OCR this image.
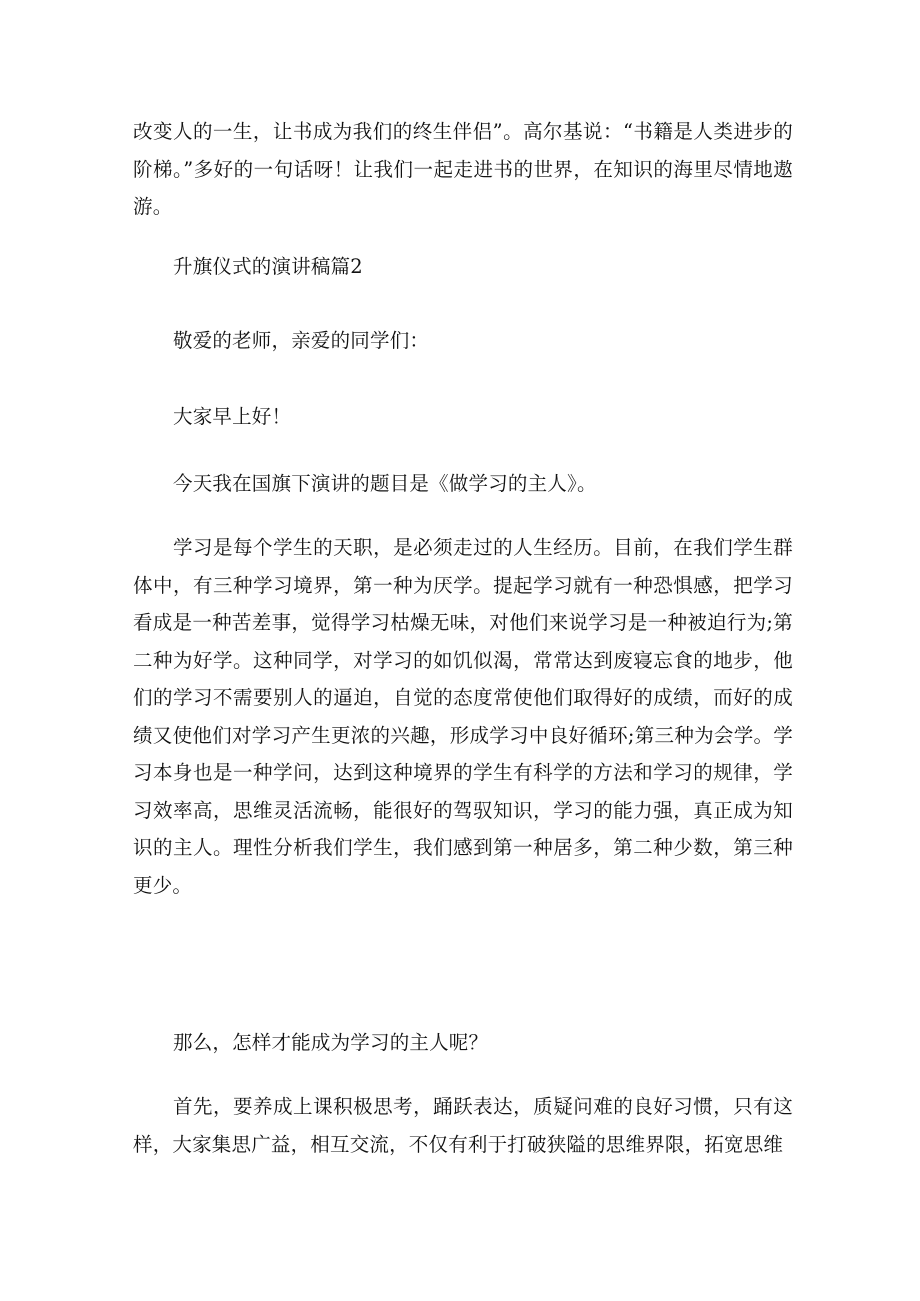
改变人的一生，让书成为我们的终生伴侣”。高尔基说：“书籍是人类进步的阶梯。”多好的一句话呀！让我们一起走进书的世界，在知识的海里尽情地遨游。

升旗仪式的演讲稿篇2

敬爱的老师，亲爱的同学们：

大家早上好！

今天我在国旗下演讲的题目是《做学习的主人》。

学习是每个学生的天职，是必须走过的人生经历。目前，在我们学生群体中，有三种学习境界，第一种为厌学。提起学习就有一种恐惧感，把学习看成是一种苦差事，觉得学习枯燥无味，对他们来说学习是一种被迫行为;第二种为好学。这种同学，对学习的如饥似渴，常常达到废寝忘食的地步，他们的学习不需要别人的逼迫，自觉的态度常使他们取得好的成绩，而好的成绩又使他们对学习产生更浓的兴趣，形成学习中良好循环;第三种为会学。学习本身也是一种学问，达到这种境界的学生有科学的方法和学习的规律，学习效率高，思维灵活流畅，能很好的驾驭知识，学习的能力强，真正成为知识的主人。理性分析我们学生，我们感到第一种居多，第二种少数，第三种更少。

那么，怎样才能成为学习的主人呢？

首先，要养成上课积极思考，踊跃表达，质疑问难的良好习惯，只有这样，大家集思广益，相互交流，不仅有利于打破狭隘的思维界限，拓宽思维
